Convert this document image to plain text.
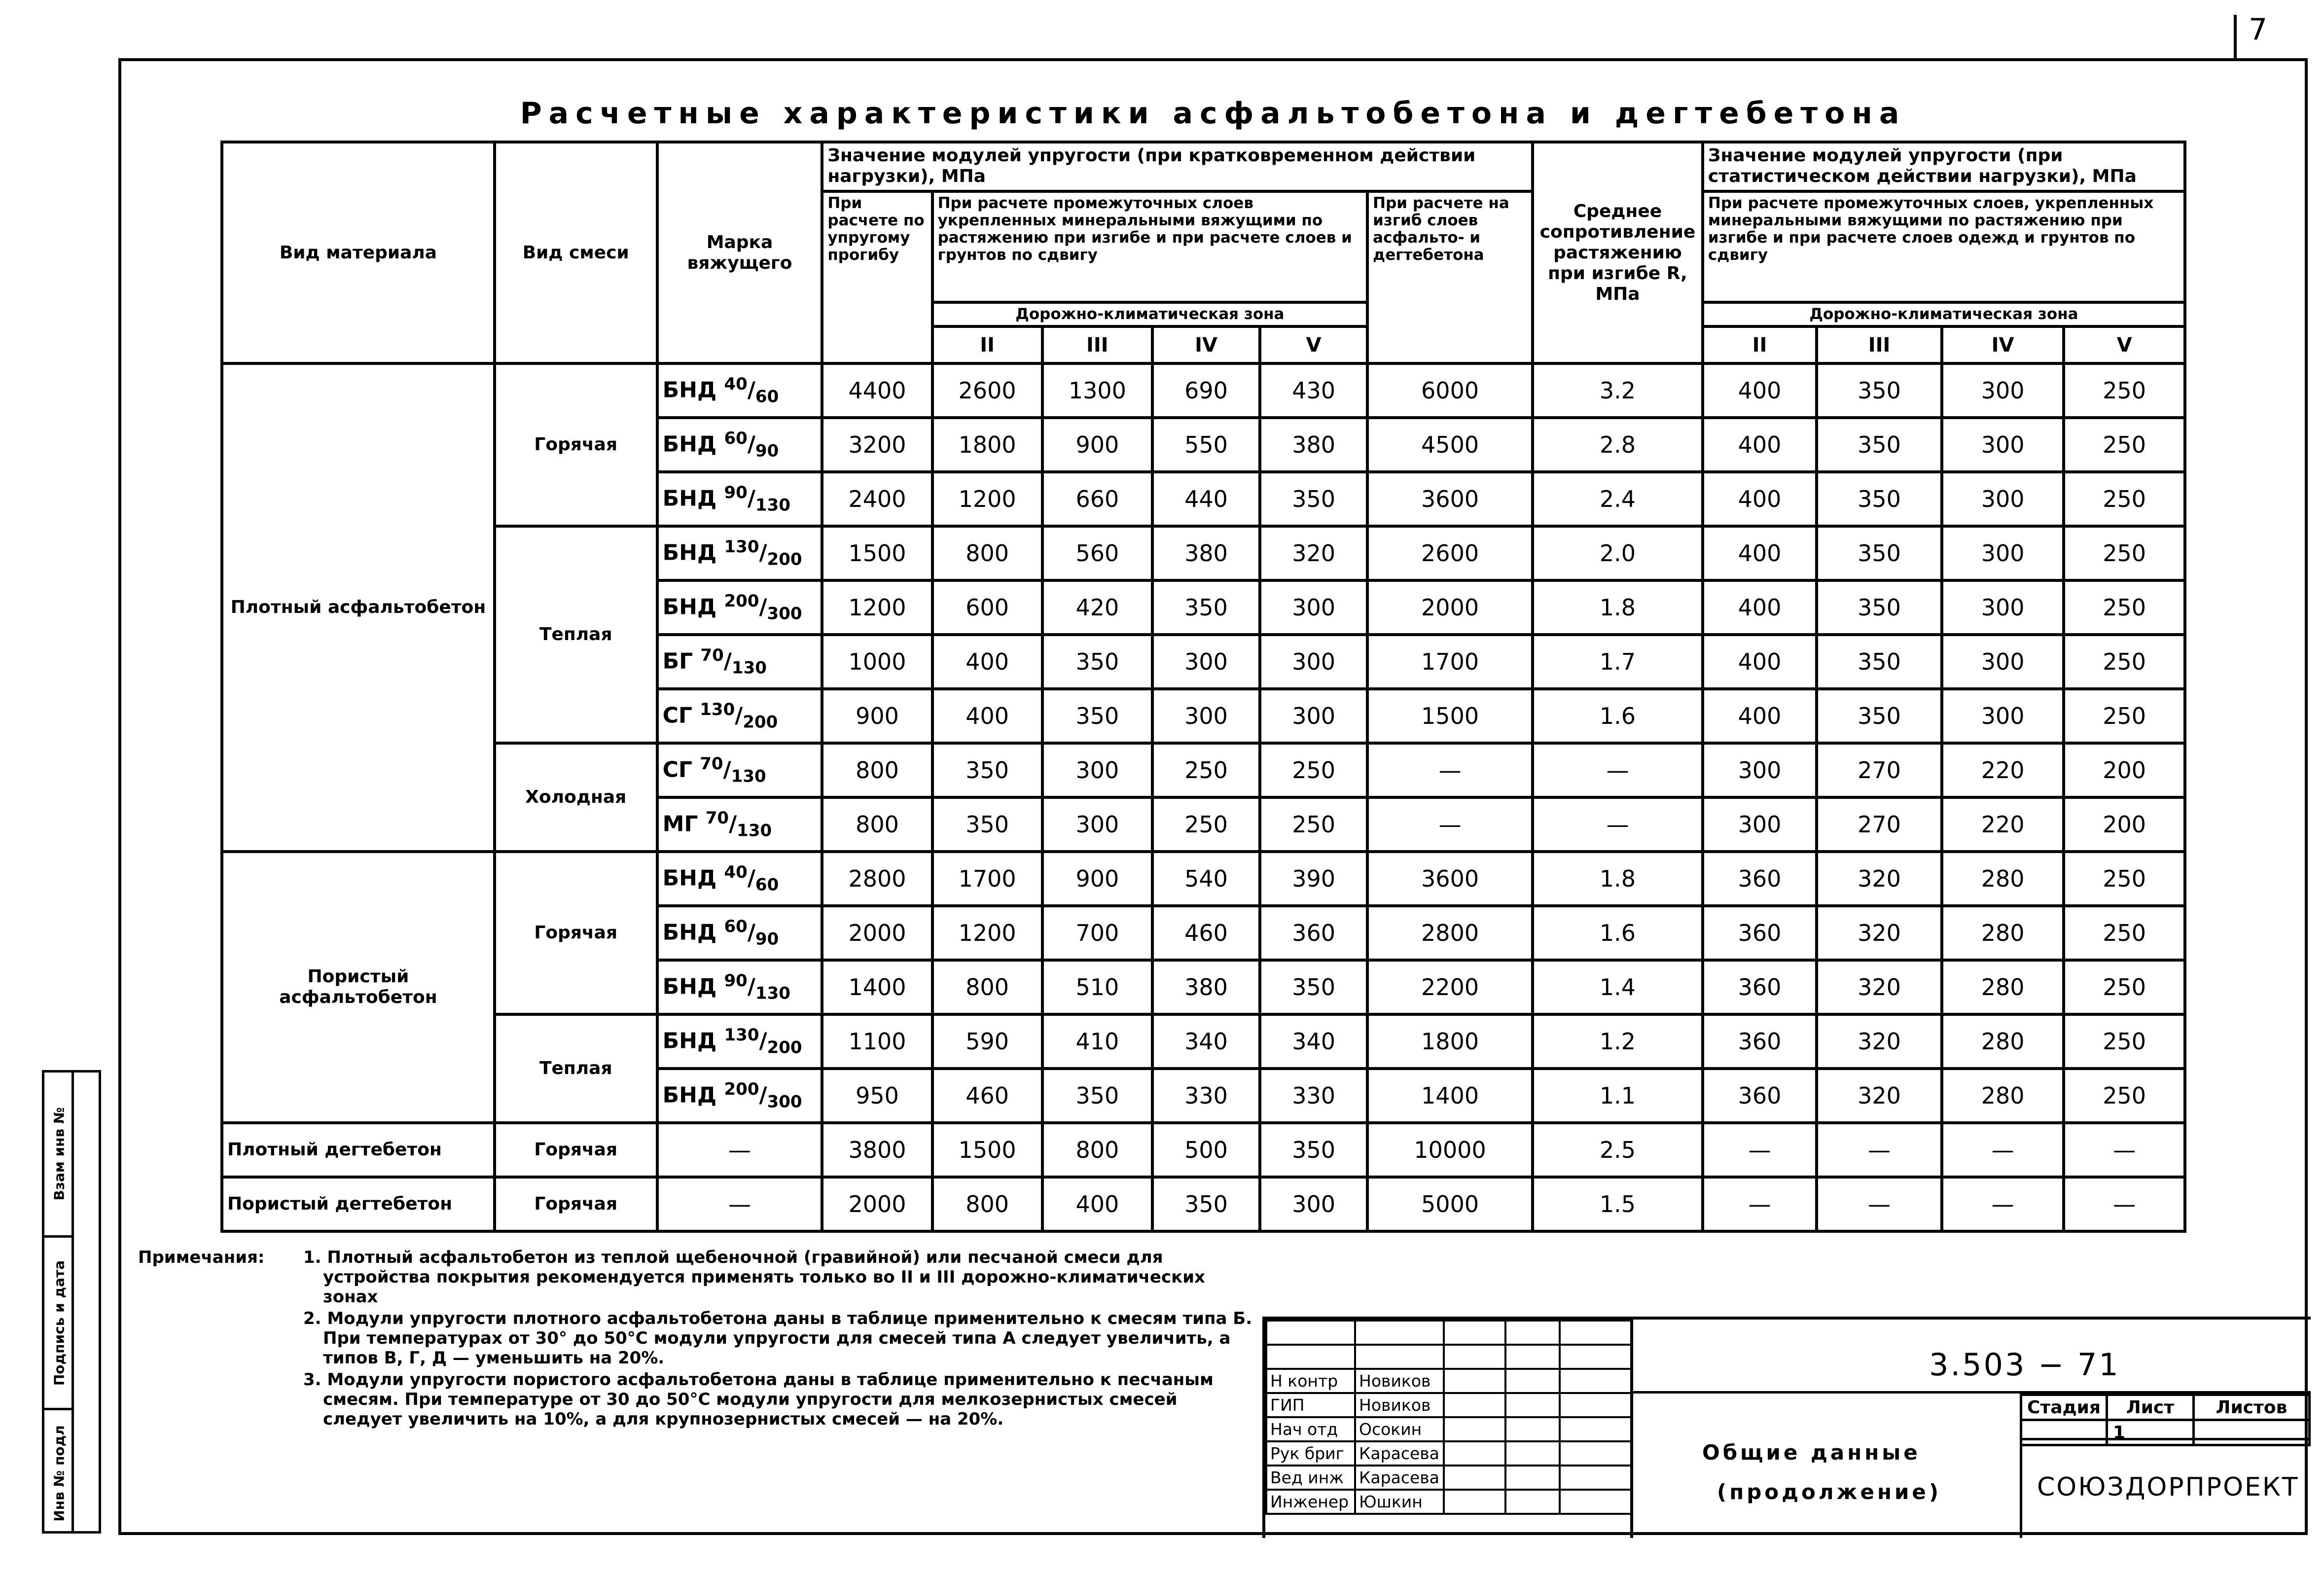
7
Расчетные характеристики асфальтобетона и дегтебетона
Вид материала	Вид смеси	Марка вяжущего	Значение модулей упругости (при кратковременном действии нагрузки), МПа						Среднее сопротивление растяжению при изгибе R, МПа	Значение модулей упругости (при статистическом действии нагрузки), МПа			
			При расчете по упругому прогибу	При расчете промежуточных слоев укрепленных минеральными вяжущими по растяжению при изгибе и при расчете слоев и грунтов по сдвигу				При расчете на изгиб слоев асфальто- и дегтебетона		При расчете промежуточных слоев, укрепленных минеральными вяжущими по растяжению при изгибе и при расчете слоев одежд и грунтов по сдвигу			
				Дорожно-климатическая зона						Дорожно-климатическая зона			
				II	III	IV	V			II	III	IV	V
Плотный асфальтобетон	Горячая	БНД $^{40}/_{60}$	4400	2600	1300	690	430	6000	3.2	400	350	300	250
		БНД $^{60}/_{90}$	3200	1800	900	550	380	4500	2.8	400	350	300	250
		БНД $^{90}/_{130}$	2400	1200	660	440	350	3600	2.4	400	350	300	250
	Теплая	БНД $^{130}/_{200}$	1500	800	560	380	320	2600	2.0	400	350	300	250
		БНД $^{200}/_{300}$	1200	600	420	350	300	2000	1.8	400	350	300	250
		БГ $^{70}/_{130}$	1000	400	350	300	300	1700	1.7	400	350	300	250
		СГ $^{130}/_{200}$	900	400	350	300	300	1500	1.6	400	350	300	250
	Холодная	СГ $^{70}/_{130}$	800	350	300	250	250	—	—	300	270	220	200
		МГ $^{70}/_{130}$	800	350	300	250	250	—	—	300	270	220	200
Пористый асфальтобетон	Горячая	БНД $^{40}/_{60}$	2800	1700	900	540	390	3600	1.8	360	320	280	250
		БНД $^{60}/_{90}$	2000	1200	700	460	360	2800	1.6	360	320	280	250
		БНД $^{90}/_{130}$	1400	800	510	380	350	2200	1.4	360	320	280	250
	Теплая	БНД $^{130}/_{200}$	1100	590	410	340	340	1800	1.2	360	320	280	250
		БНД $^{200}/_{300}$	950	460	350	330	330	1400	1.1	360	320	280	250
Плотный дегтебетон	Горячая	—	3800	1500	800	500	350	10000	2.5	—	—	—	—
Пористый дегтебетон	Горячая	—	2000	800	400	350	300	5000	1.5	—	—	—	—
Примечания: 1. Плотный асфальтобетон из теплой щебеночной (гравийной) или песчаной смеси для устройства покрытия рекомендуется применять только во II и III дорожно-климатических зонах

2. Модули упругости плотного асфальтобетона даны в таблице применительно к смесям типа Б. При температурах от 30° до 50°С модули упругости для смесей типа А следует увеличить, а типов В, Г, Д — уменьшить на 20%.

3. Модули упругости пористого асфальтобетона даны в таблице применительно к песчаным смесям. При температуре от 30 до 50°С модули упругости для мелкозернистых смесей следует увеличить на 10%, а для крупнозернистых смесей — на 20%.

Взам инв №
Подпись и дата
Инв № подл

Н контр	Новиков			
ГИП	Новиков			
Нач отд	Осокин			
Рук бриг	Карасева			
Вед инж	Карасева			
Инженер	Юшкин			
3.503 − 71
Общие данные
(продолжение)
Стадия	Лист	Листов
	1	
СОЮЗДОРПРОЕКТ
